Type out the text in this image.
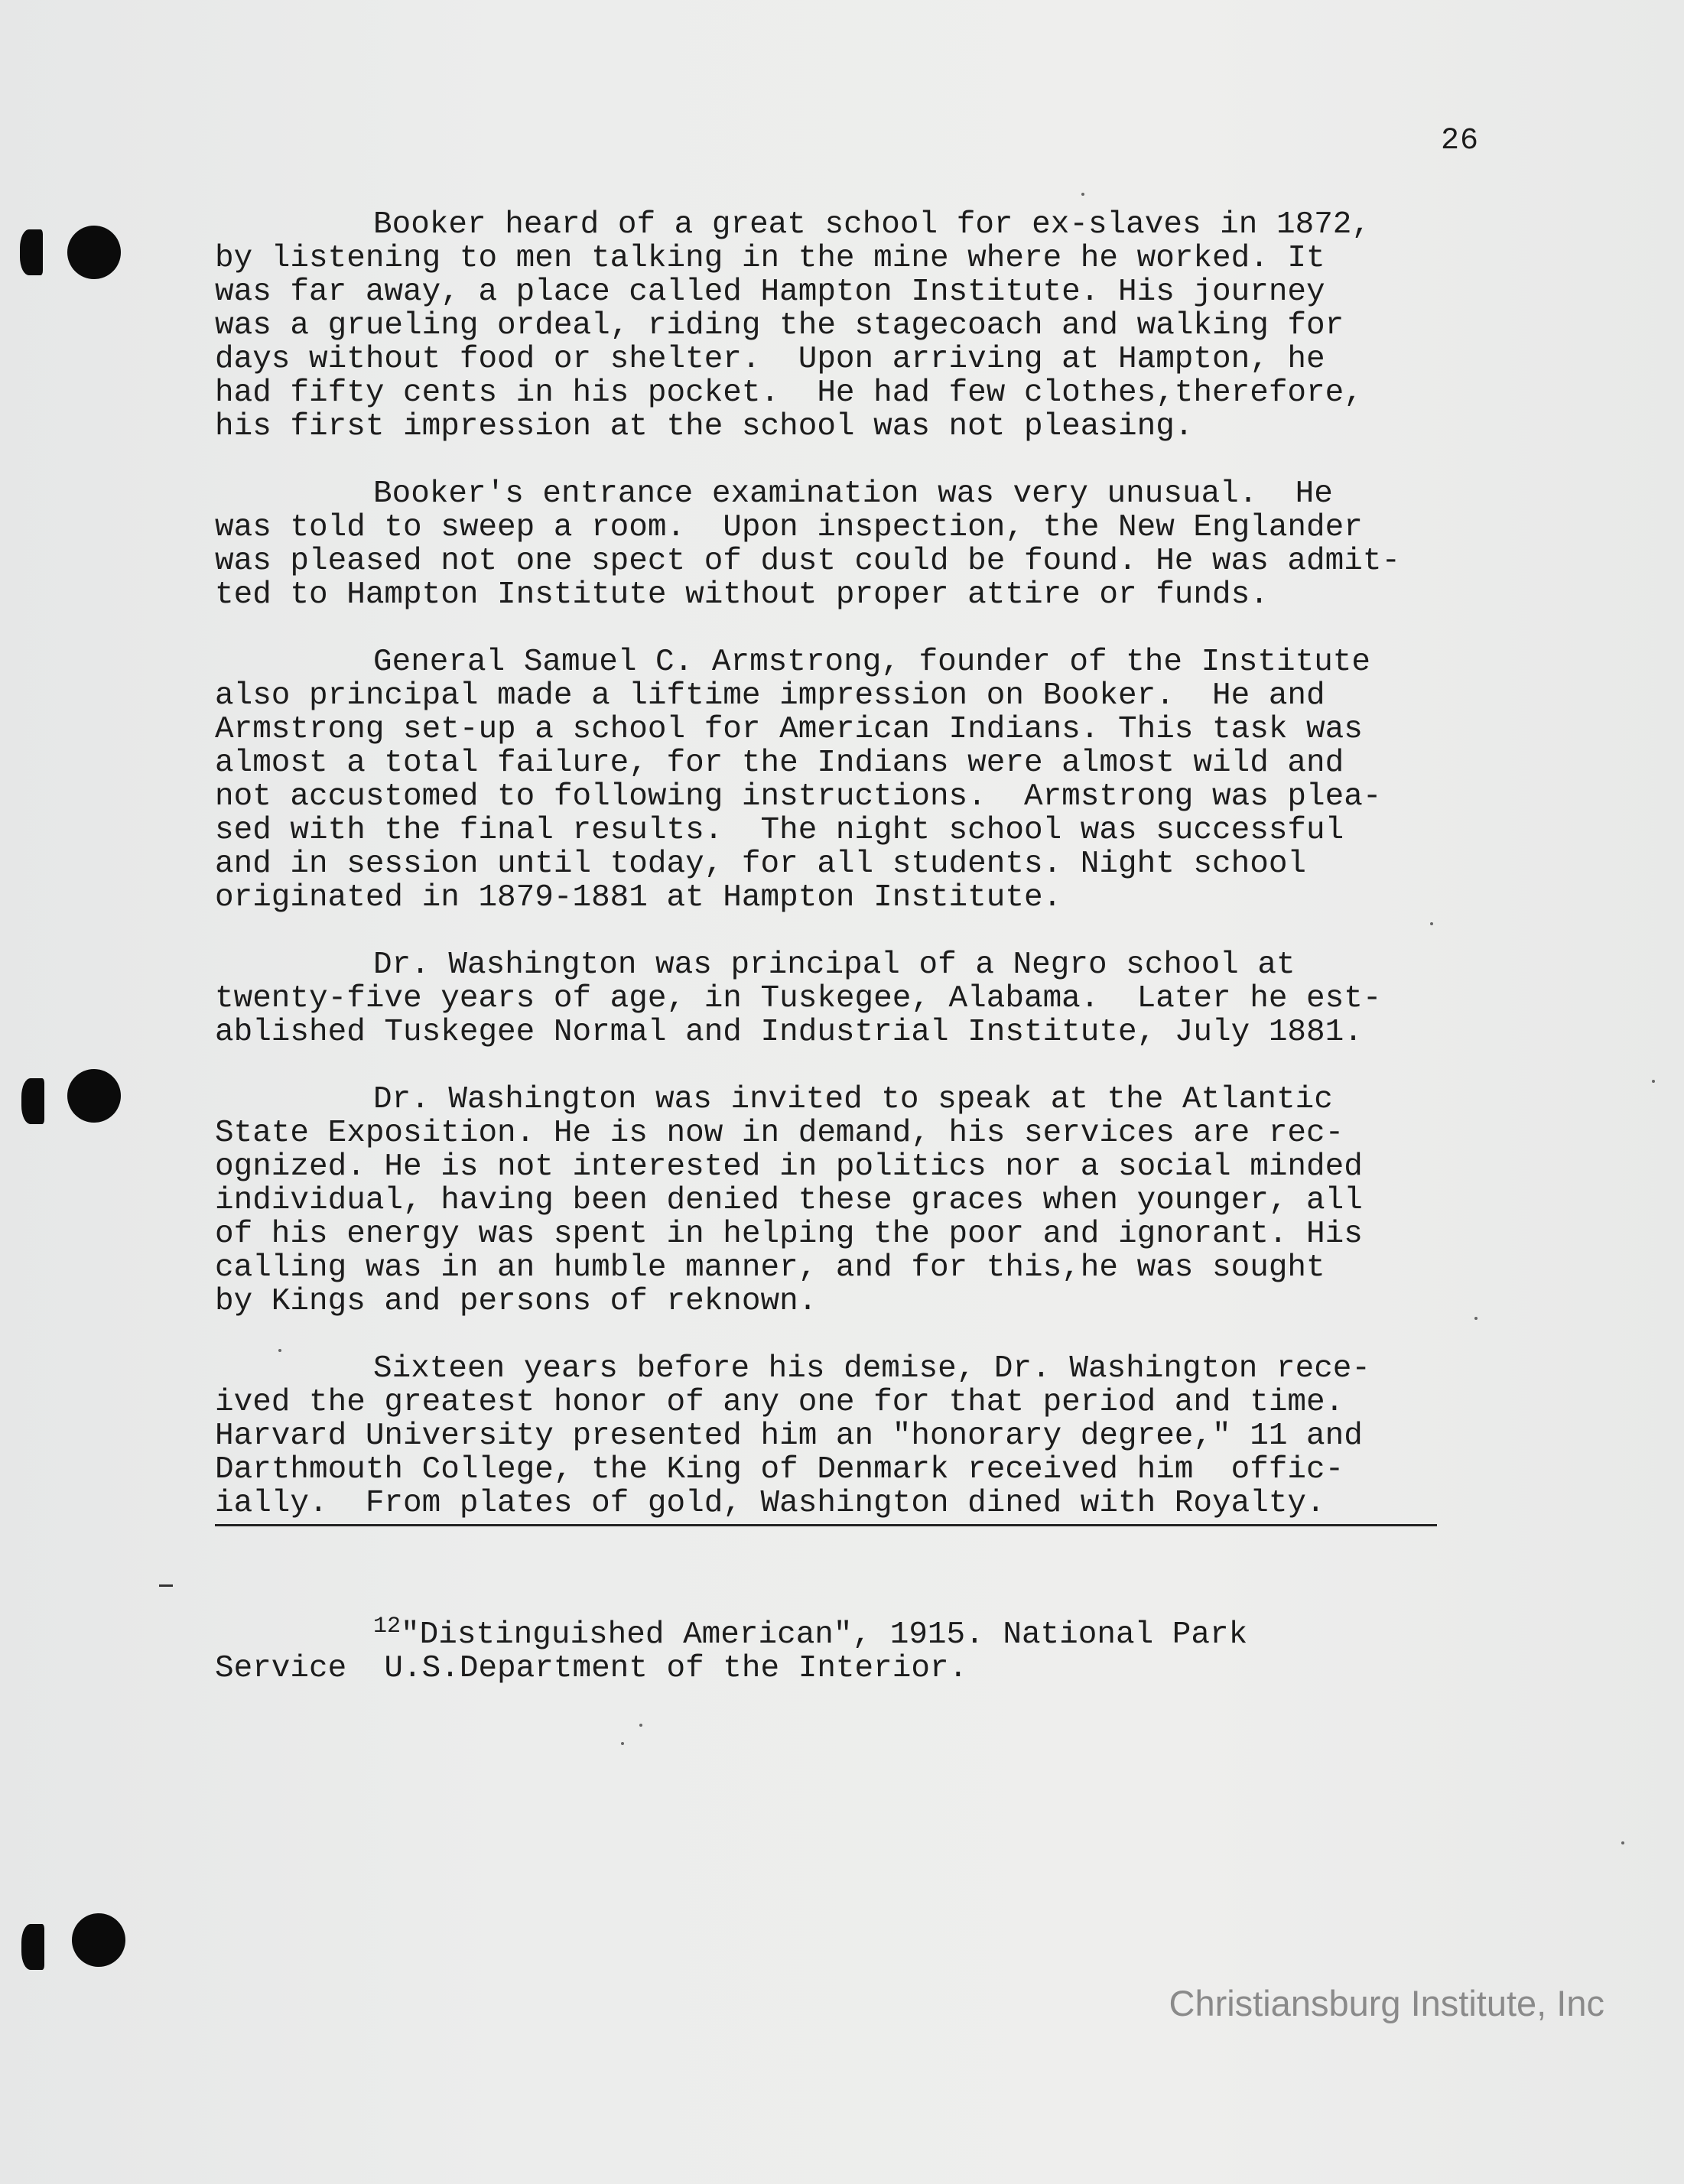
26
Booker heard of a great school for ex-slaves in 1872,
by listening to men talking in the mine where he worked. It
was far away, a place called Hampton Institute. His journey
was a grueling ordeal, riding the stagecoach and walking for
days without food or shelter.  Upon arriving at Hampton, he
had fifty cents in his pocket.  He had few clothes,therefore,
his first impression at the school was not pleasing.
Booker's entrance examination was very unusual.  He
was told to sweep a room.  Upon inspection, the New Englander
was pleased not one spect of dust could be found. He was admit-
ted to Hampton Institute without proper attire or funds.
General Samuel C. Armstrong, founder of the Institute
also principal made a liftime impression on Booker.  He and
Armstrong set-up a school for American Indians. This task was
almost a total failure, for the Indians were almost wild and
not accustomed to following instructions.  Armstrong was plea-
sed with the final results.  The night school was successful
and in session until today, for all students. Night school
originated in 1879-1881 at Hampton Institute.
Dr. Washington was principal of a Negro school at
twenty-five years of age, in Tuskegee, Alabama.  Later he est-
ablished Tuskegee Normal and Industrial Institute, July 1881.
Dr. Washington was invited to speak at the Atlantic
State Exposition. He is now in demand, his services are rec-
ognized. He is not interested in politics nor a social minded
individual, having been denied these graces when younger, all
of his energy was spent in helping the poor and ignorant. His
calling was in an humble manner, and for this,he was sought
by Kings and persons of reknown.
Sixteen years before his demise, Dr. Washington rece-
ived the greatest honor of any one for that period and time.
Harvard University presented him an "honorary degree," 11 and
Darthmouth College, the King of Denmark received him  offic-
ially.  From plates of gold, Washington dined with Royalty.
$^{12}$"Distinguished American", 1915. National Park
Service  U.S.Department of the Interior.
Christiansburg Institute, Inc
